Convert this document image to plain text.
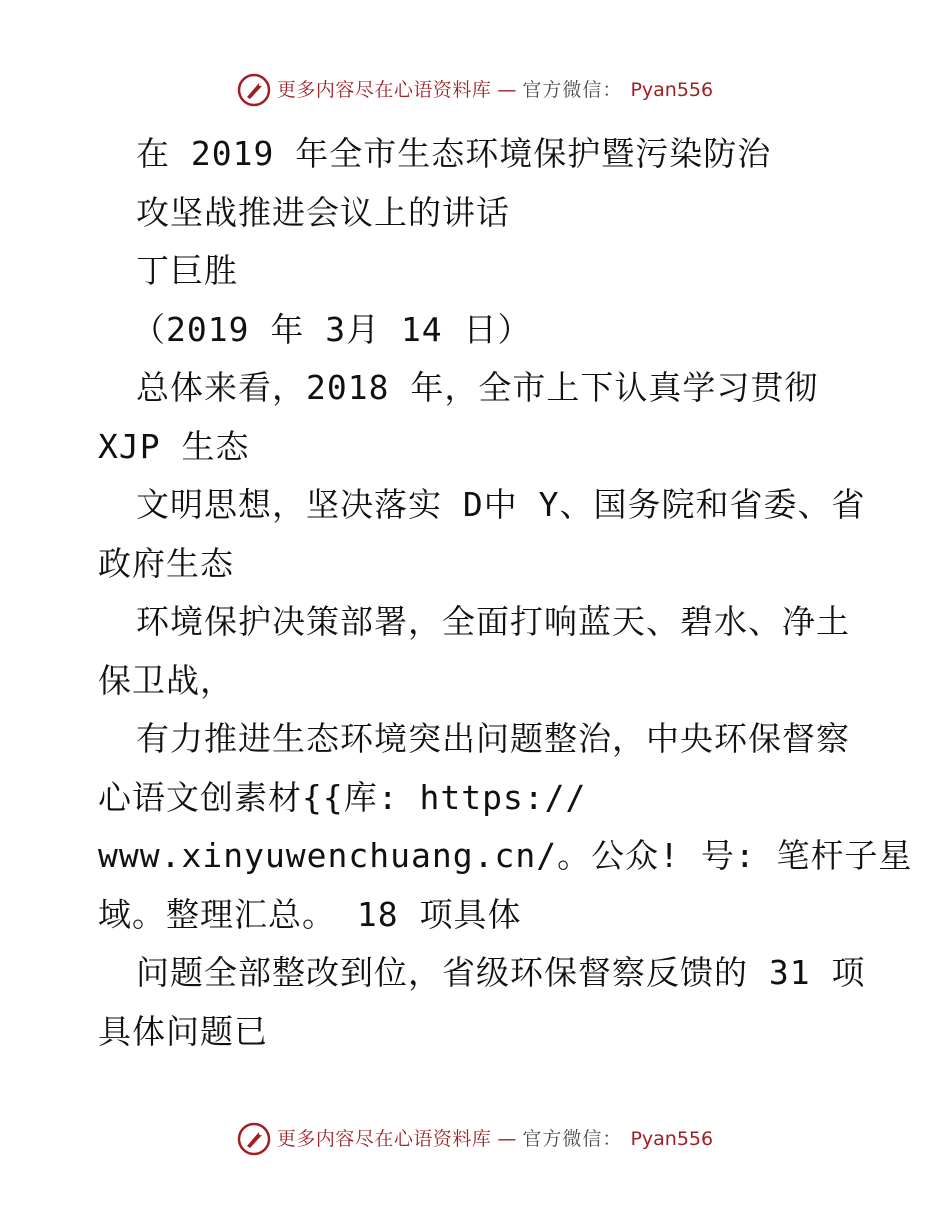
更多内容尽在心语资料库 — 官方微信： Pyan556
在 2019 年全市生态环境保护暨污染防治
攻坚战推进会议上的讲话
丁巨胜
（2019 年 3月 14 日）
总体来看，2018 年，全市上下认真学习贯彻
XJP 生态
文明思想，坚决落实 D中 Y、国务院和省委、省
政府生态
环境保护决策部署，全面打响蓝天、碧水、净土
保卫战，
有力推进生态环境突出问题整治，中央环保督察
心语文创素材{{库: https://
www.xinyuwenchuang.cn/。公众! 号: 笔杆子星
域。整理汇总。 18 项具体
问题全部整改到位，省级环保督察反馈的 31 项
具体问题已
更多内容尽在心语资料库 — 官方微信： Pyan556
